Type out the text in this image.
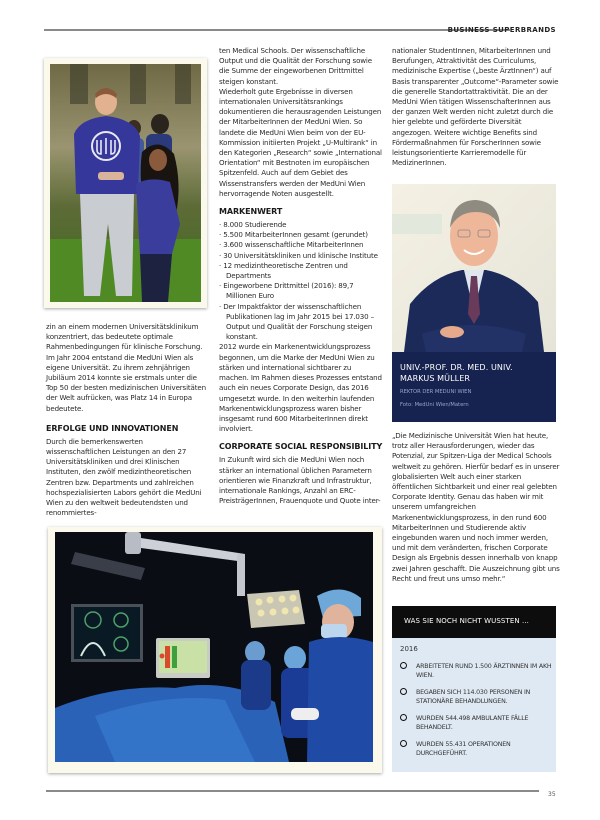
BUSINESS SUPERBRANDS

zin an einem modernen Universitätsklinikum konzentriert, das bedeutete optimale Rahmenbedingungen für klinische Forschung. Im Jahr 2004 entstand die MedUni Wien als eigene Universität. Zu ihrem zehnjährigen Jubiläum 2014 konnte sie erstmals unter die Top 50 der besten medizinischen Universitäten der Welt aufrücken, was Platz 14 in Europa bedeutete.

ERFOLGE UND INNOVATIONEN

Durch die bemerkenswerten wissenschaftlichen Leistungen an den 27 Universitätskliniken und drei Klinischen Instituten, den zwölf medizintheoretischen Zentren bzw. Departments und zahlreichen hochspezialisierten Labors gehört die MedUni Wien zu den weltweit bedeutendsten und renommiertes-

ten Medical Schools. Der wissenschaftliche Output und die Qualität der Forschung sowie die Summe der eingeworbenen Drittmittel steigen konstant.

Wiederholt gute Ergebnisse in diversen internationalen Universitätsrankings dokumentieren die herausragenden Leistungen der MitarbeiterInnen der MedUni Wien. So landete die MedUni Wien beim von der EU-Kommission initiierten Projekt „U-Multirank“ in den Kategorien „Research“ sowie „International Orientation“ mit Bestnoten im europäischen Spitzenfeld. Auch auf dem Gebiet des Wissenstransfers werden der MedUni Wien hervorragende Noten ausgestellt.

MARKENWERT
· 8.000 Studierende
· 5.500 MitarbeiterInnen gesamt (gerundet)
· 3.600 wissenschaftliche MitarbeiterInnen
· 30 Universitätskliniken und klinische Institute
· 12 medizintheoretische Zentren und Departments
· Eingeworbene Drittmittel (2016): 89,7 Millionen Euro
· Der Impaktfaktor der wissenschaftlichen Publikationen lag im Jahr 2015 bei 17.030 – Output und Qualität der Forschung steigen konstant.

2012 wurde ein Markenentwicklungsprozess begonnen, um die Marke der MedUni Wien zu stärken und international sichtbarer zu machen. Im Rahmen dieses Prozesses entstand auch ein neues Corporate Design, das 2016 umgesetzt wurde. In den weiterhin laufenden Markenentwicklungsprozess waren bisher insgesamt rund 600 MitarbeiterInnen direkt involviert.

CORPORATE SOCIAL RESPONSIBILITY

In Zukunft wird sich die MedUni Wien noch stärker an international üblichen Parametern orientieren wie Finanzkraft und Infrastruktur, internationale Rankings, Anzahl an ERC-PreisträgerInnen, Frauenquote und Quote inter-

nationaler StudentInnen, MitarbeiterInnen und Berufungen, Attraktivität des Curriculums, medizinische Expertise („beste ÄrztInnen“) auf Basis transparenter „Outcome“-Parameter sowie die generelle Standortattraktivität. Die an der MedUni Wien tätigen WissenschafterInnen aus der ganzen Welt werden nicht zuletzt durch die hier gelebte und geförderte Diversität angezogen. Weitere wichtige Benefits sind Fördermaßnahmen für ForscherInnen sowie leistungsorientierte Karrieremodelle für MedizinerInnen.

UNIV.-PROF. DR. MED. UNIV.
MARKUS MÜLLER
REKTOR DER MEDUNI WIEN
Foto: MedUni Wien/Matern

„Die Medizinische Universität Wien hat heute, trotz aller Herausforderungen, wieder das Potenzial, zur Spitzen-Liga der Medical Schools weltweit zu gehören. Hierfür bedarf es in unserer globalisierten Welt auch einer starken öffentlichen Sichtbarkeit und einer real gelebten Corporate Identity. Genau das haben wir mit unserem umfangreichen Markenentwicklungsprozess, in den rund 600 MitarbeiterInnen und Studierende aktiv eingebunden waren und noch immer werden, und mit dem veränderten, frischen Corporate Design als Ergebnis dessen innerhalb von knapp zwei Jahren geschafft. Die Auszeichnung gibt uns Recht und freut uns umso mehr.“

WAS SIE NOCH NICHT WUSSTEN ...
2016
ARBEITETEN RUND 1.500 ÄRZTINNEN IM AKH WIEN.
BEGABEN SICH 114.030 PERSONEN IN STATIONÄRE BEHANDLUNGEN.
WURDEN 544.498 AMBULANTE FÄLLE BEHANDELT.
WURDEN 55.431 OPERATIONEN DURCHGEFÜHRT.
35
